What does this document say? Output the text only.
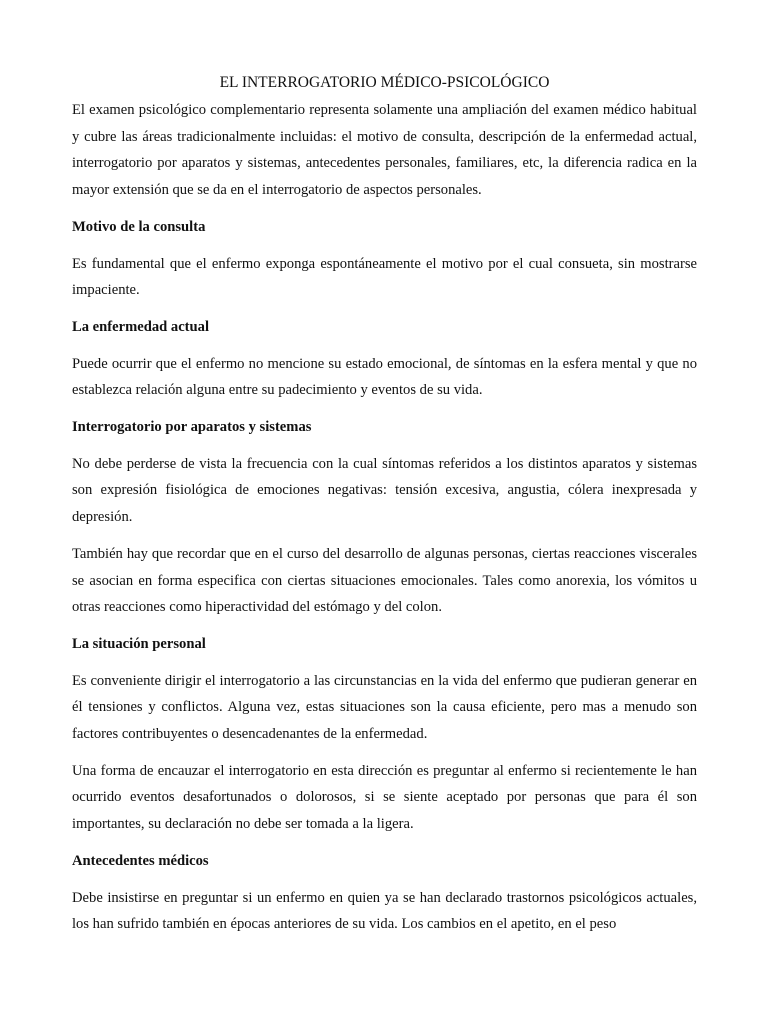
EL INTERROGATORIO MÉDICO-PSICOLÓGICO

El examen psicológico complementario representa solamente una ampliación del examen médico habitual y cubre las áreas tradicionalmente incluidas: el motivo de consulta, descripción de la enfermedad actual, interrogatorio por aparatos y sistemas, antecedentes personales, familiares, etc, la diferencia radica en la mayor extensión que se da en el interrogatorio de aspectos personales.

Motivo de la consulta

Es fundamental que el enfermo exponga espontáneamente el motivo por el cual consueta, sin mostrarse impaciente.

La enfermedad actual

Puede ocurrir que el enfermo no mencione su estado emocional, de síntomas en la esfera mental y que no establezca relación alguna entre su padecimiento y eventos de su vida.

Interrogatorio por aparatos y sistemas

No debe perderse de vista la frecuencia con la cual síntomas referidos a los distintos aparatos y sistemas son expresión fisiológica de emociones negativas: tensión excesiva, angustia, cólera inexpresada y depresión.

También hay que recordar que en el curso del desarrollo de algunas personas, ciertas reacciones viscerales se asocian en forma especifica con ciertas situaciones emocionales. Tales como anorexia, los vómitos u otras reacciones como hiperactividad del estómago y del colon.

La situación personal

Es conveniente dirigir el interrogatorio a las circunstancias en la vida del enfermo que pudieran generar en él tensiones y conflictos. Alguna vez, estas situaciones son la causa eficiente, pero mas a menudo son factores contribuyentes o desencadenantes de la enfermedad.

Una forma de encauzar el interrogatorio en esta dirección es preguntar al enfermo si recientemente le han ocurrido eventos desafortunados o dolorosos, si se siente aceptado por personas que para él son importantes, su declaración no debe ser tomada a la ligera.

Antecedentes médicos

Debe insistirse en preguntar si un enfermo en quien ya se han declarado trastornos psicológicos actuales, los han sufrido también en épocas anteriores de su vida. Los cambios en el apetito, en el peso
